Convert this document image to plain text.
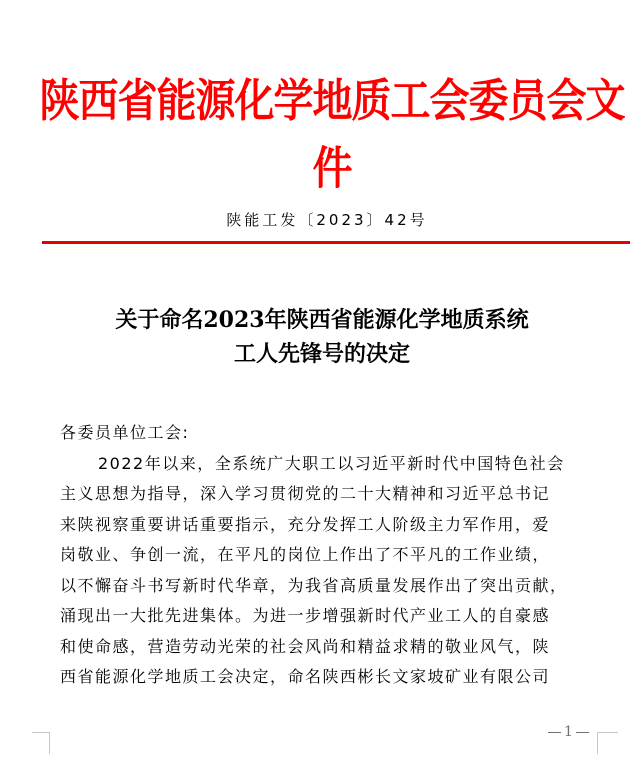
陕西省能源化学地质工会委员会文件
陕能工发〔2023〕42号
关于命名2023年陕西省能源化学地质系统
工人先锋号的决定

各委员单位工会:

2022年以来，全系统广大职工以习近平新时代中国特色社会

主义思想为指导，深入学习贯彻党的二十大精神和习近平总书记

来陕视察重要讲话重要指示，充分发挥工人阶级主力军作用，爱

岗敬业、争创一流，在平凡的岗位上作出了不平凡的工作业绩，

以不懈奋斗书写新时代华章，为我省高质量发展作出了突出贡献，

涌现出一大批先进集体。为进一步增强新时代产业工人的自豪感

和使命感，营造劳动光荣的社会风尚和精益求精的敬业风气，陕

西省能源化学地质工会决定，命名陕西彬长文家坡矿业有限公司

1
